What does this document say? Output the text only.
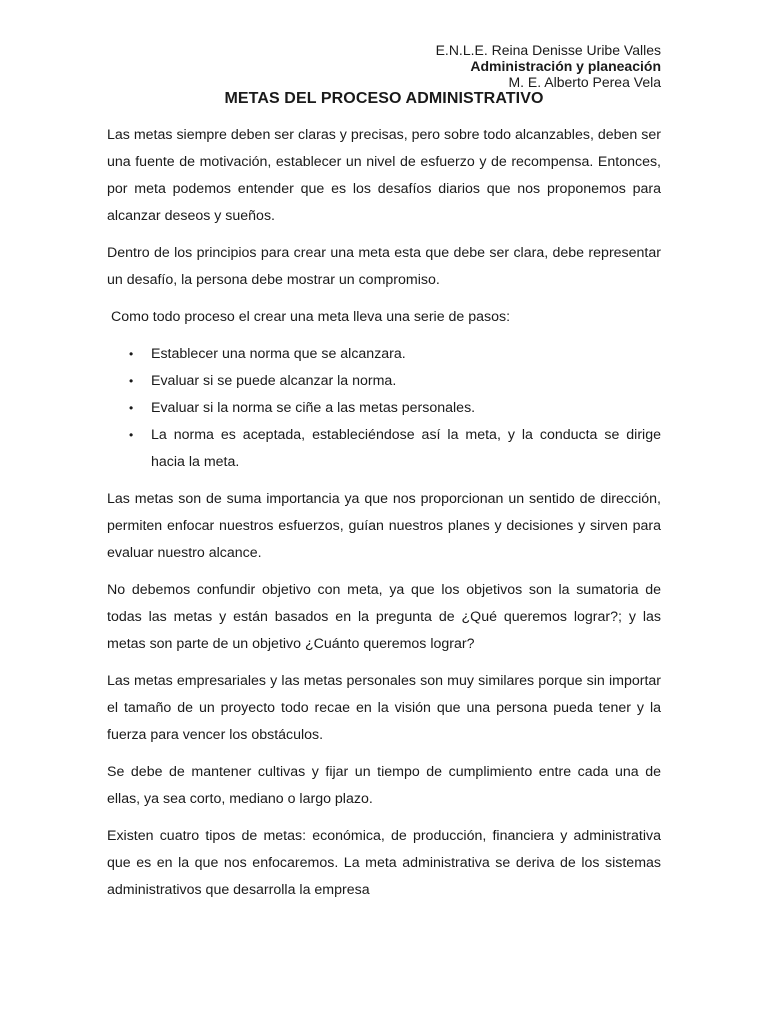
E.N.L.E. Reina Denisse Uribe Valles
Administración y planeación
M. E. Alberto Perea Vela
METAS DEL PROCESO ADMINISTRATIVO

Las metas siempre deben ser claras y precisas, pero sobre todo alcanzables, deben ser una fuente de motivación, establecer un nivel de esfuerzo y de recompensa. Entonces, por meta podemos entender que es los desafíos diarios que nos proponemos para alcanzar deseos y sueños.

Dentro de los principios para crear una meta esta que debe ser clara, debe representar un desafío, la persona debe mostrar un compromiso.

Como todo proceso el crear una meta lleva una serie de pasos:

• Establecer una norma que se alcanzara.
• Evaluar si se puede alcanzar la norma.
• Evaluar si la norma se ciñe a las metas personales.
• La norma es aceptada, estableciéndose así la meta, y la conducta se dirige hacia la meta.

Las metas son de suma importancia ya que nos proporcionan un sentido de dirección, permiten enfocar nuestros esfuerzos, guían nuestros planes y decisiones y sirven para evaluar nuestro alcance.

No debemos confundir objetivo con meta, ya que los objetivos son la sumatoria de todas las metas y están basados en la pregunta de ¿Qué queremos lograr?; y las metas son parte de un objetivo ¿Cuánto queremos lograr?

Las metas empresariales y las metas personales son muy similares porque sin importar el tamaño de un proyecto todo recae en la visión que una persona pueda tener y la fuerza para vencer los obstáculos.

Se debe de mantener cultivas y fijar un tiempo de cumplimiento entre cada una de ellas, ya sea corto, mediano o largo plazo.

Existen cuatro tipos de metas: económica, de producción, financiera y administrativa que es en la que nos enfocaremos. La meta administrativa se deriva de los sistemas administrativos que desarrolla la empresa
